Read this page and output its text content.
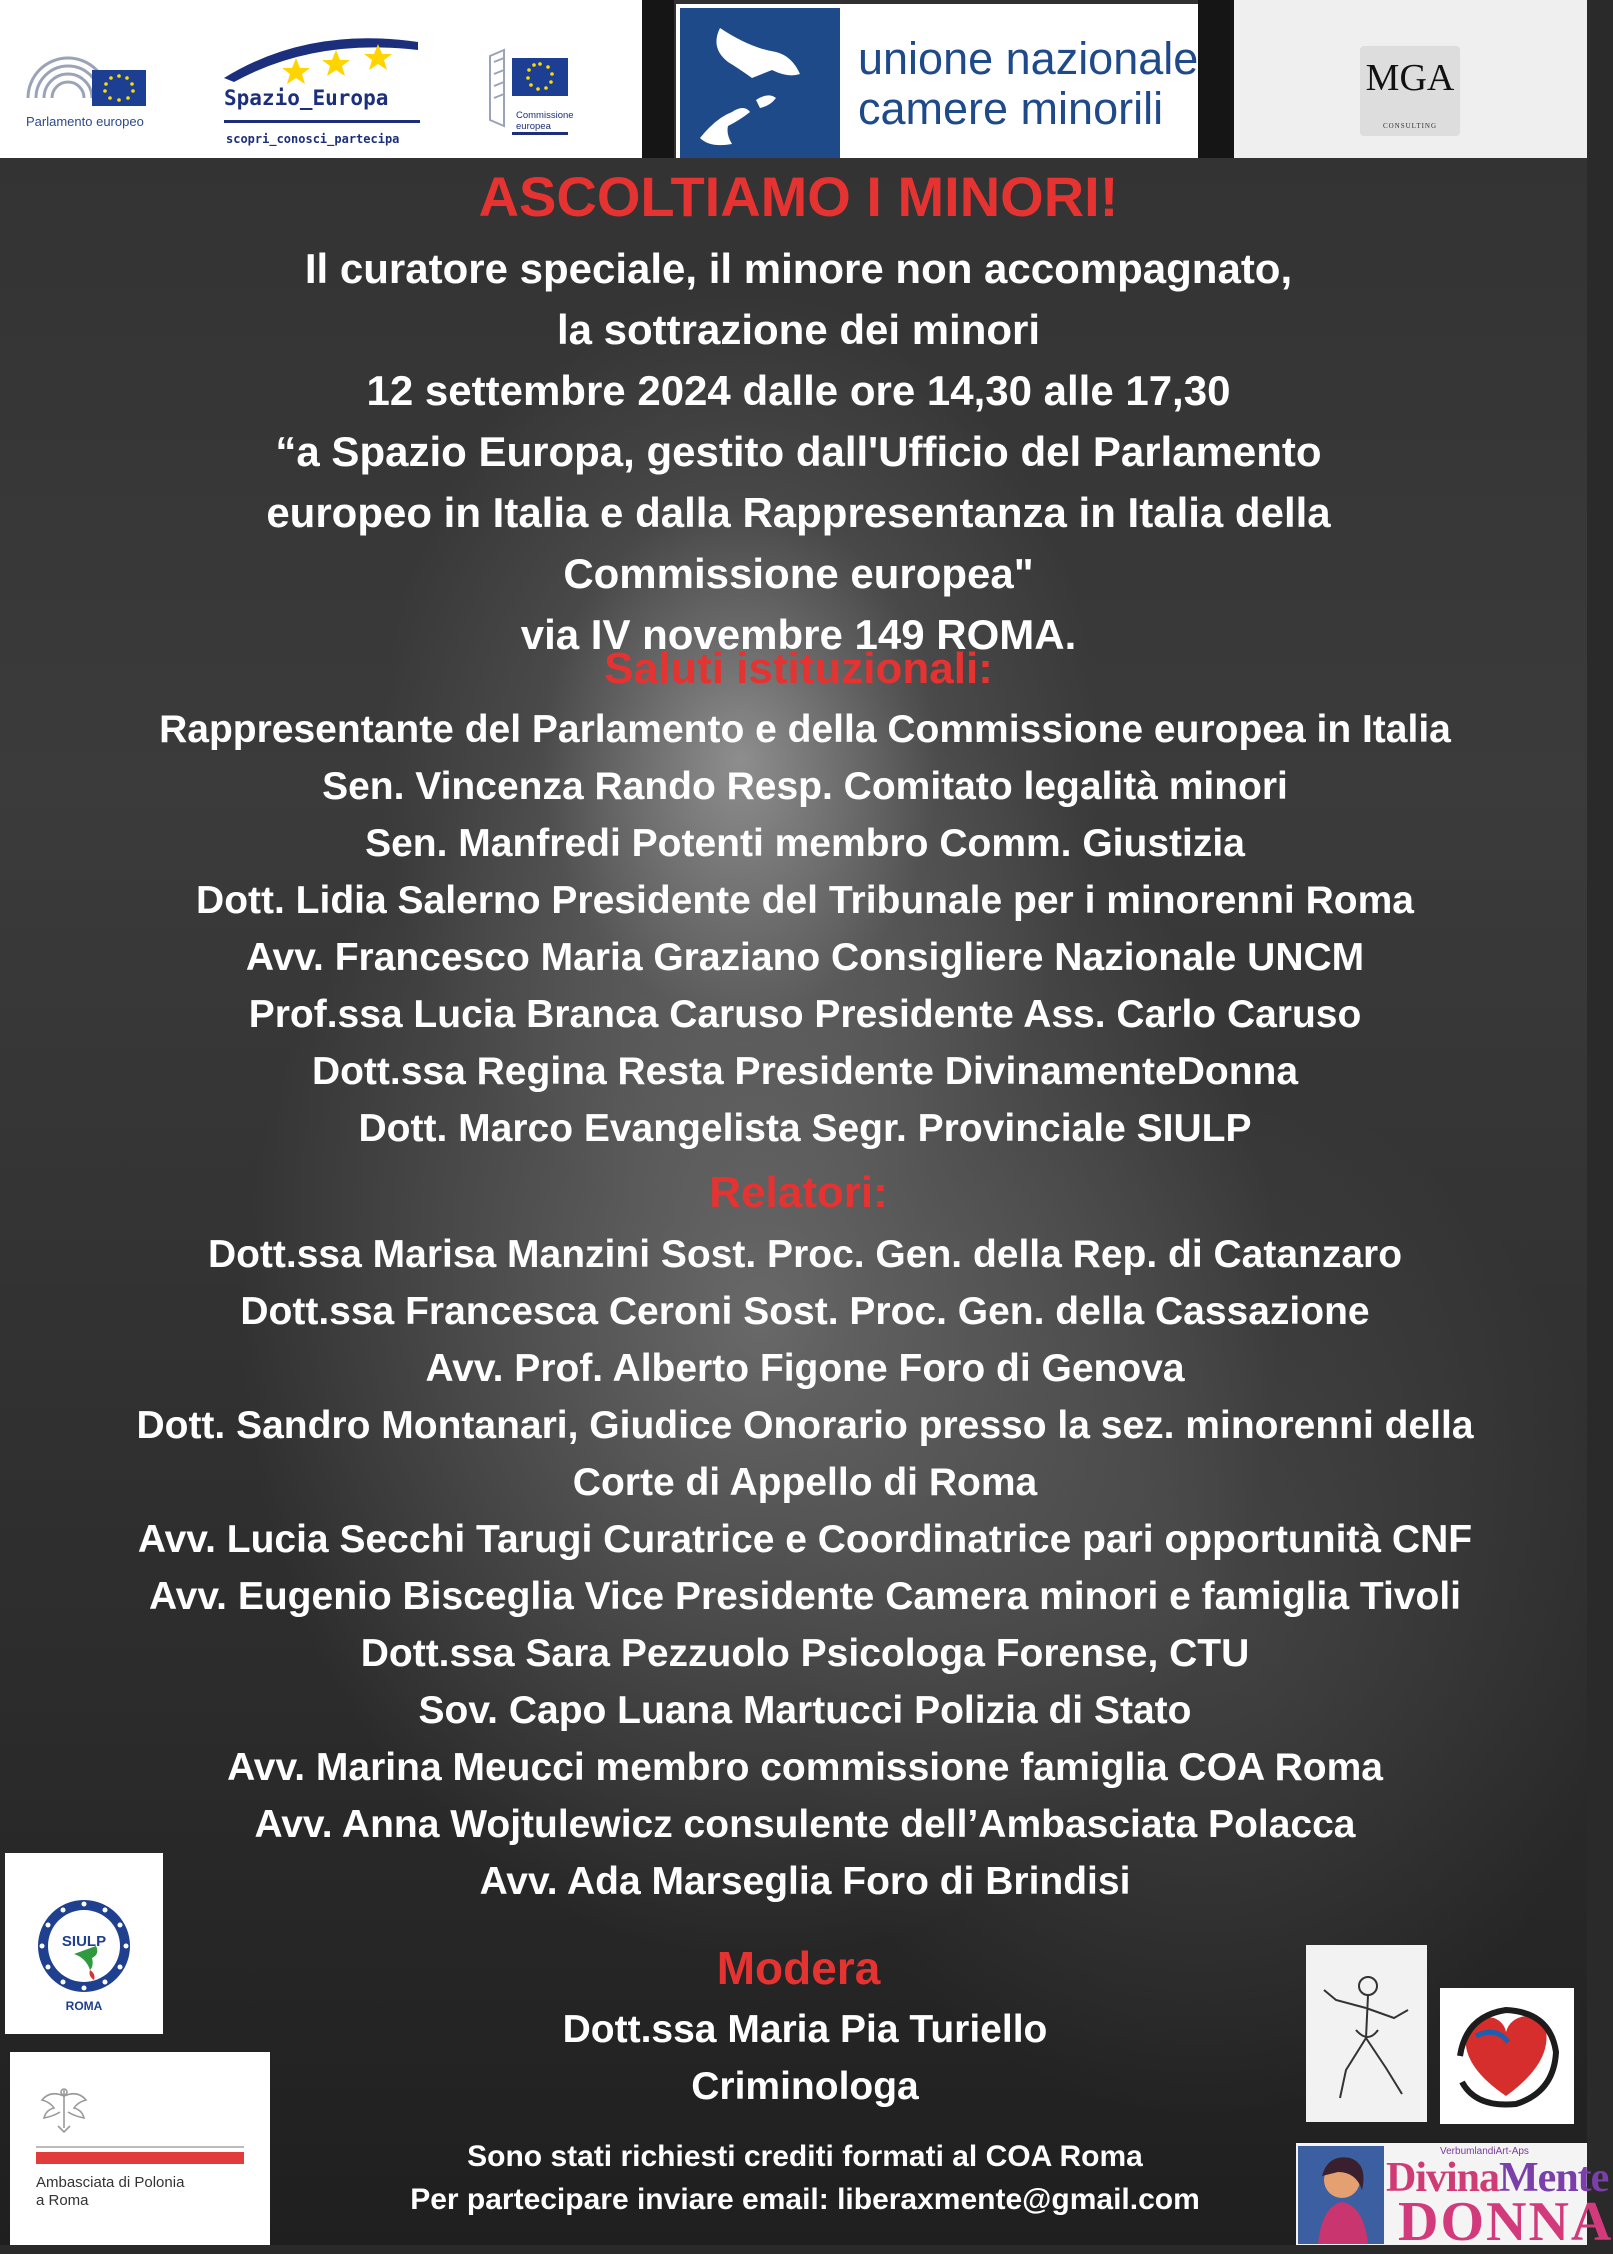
Parlamento europeo
Spazio_Europa
scopri_conosci_partecipa
Commissione
europea
unione nazionale
camere minorili
MGA
CONSULTING
ASCOLTIAMO I MINORI!
Il curatore speciale, il minore non accompagnato,
la sottrazione dei minori
12 settembre 2024 dalle ore 14,30 alle 17,30
“a Spazio Europa, gestito dall'Ufficio del Parlamento
europeo in Italia e dalla Rappresentanza in Italia della
Commissione europea"
via IV novembre 149 ROMA.
Saluti istituzionali:
Rappresentante del Parlamento e della Commissione europea in Italia
Sen. Vincenza Rando Resp. Comitato legalità minori
Sen. Manfredi Potenti membro Comm. Giustizia
Dott. Lidia Salerno Presidente del Tribunale per i minorenni Roma
Avv. Francesco Maria Graziano Consigliere Nazionale UNCM
Prof.ssa Lucia Branca Caruso Presidente Ass. Carlo Caruso
Dott.ssa Regina Resta Presidente DivinamenteDonna
Dott. Marco Evangelista Segr. Provinciale SIULP
Relatori:
Dott.ssa Marisa Manzini Sost. Proc. Gen. della Rep. di Catanzaro
Dott.ssa Francesca Ceroni Sost. Proc. Gen. della Cassazione
Avv. Prof. Alberto Figone Foro di Genova
Dott. Sandro Montanari, Giudice Onorario presso la sez. minorenni della
Corte di Appello di Roma
Avv. Lucia Secchi Tarugi Curatrice e Coordinatrice pari opportunità CNF
Avv. Eugenio Bisceglia Vice Presidente Camera minori e famiglia Tivoli
Dott.ssa Sara Pezzuolo Psicologa Forense, CTU
Sov. Capo Luana Martucci Polizia di Stato
Avv. Marina Meucci membro commissione famiglia COA Roma
Avv. Anna Wojtulewicz consulente dell’Ambasciata Polacca
Avv. Ada Marseglia Foro di Brindisi
Modera
Dott.ssa Maria Pia Turiello
Criminologa
Sono stati richiesti crediti formati al COA Roma
Per partecipare inviare email: liberaxmente@gmail.com
SIULP
ROMA
Ambasciata di Polonia
a Roma
VerbumlandiArt-Aps
DivinaMente
DONNA
